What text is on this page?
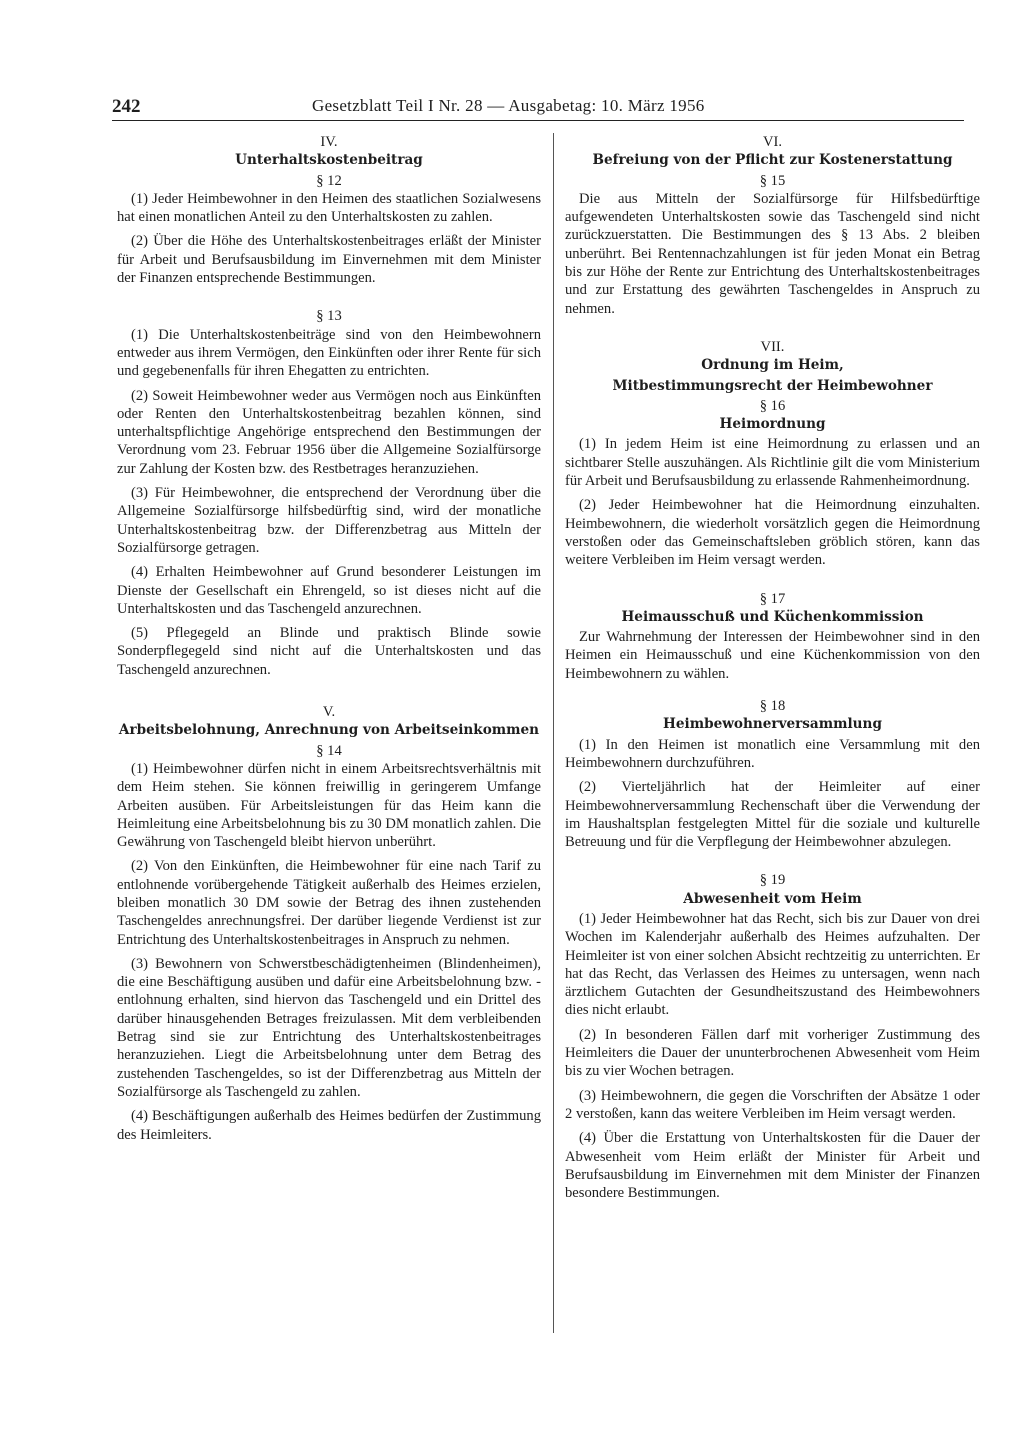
242	Gesetzblatt Teil I Nr. 28 — Ausgabetag: 10. März 1956
IV.
Unterhaltskostenbeitrag
§ 12

(1) Jeder Heimbewohner in den Heimen des staatlichen Sozialwesens hat einen monatlichen Anteil zu den Unterhaltskosten zu zahlen.

(2) Über die Höhe des Unterhaltskostenbeitrages erläßt der Minister für Arbeit und Berufsausbildung im Einvernehmen mit dem Minister der Finanzen entsprechende Bestimmungen.

§ 13

(1) Die Unterhaltskostenbeiträge sind von den Heimbewohnern entweder aus ihrem Vermögen, den Einkünften oder ihrer Rente für sich und gegebenenfalls für ihren Ehegatten zu entrichten.

(2) Soweit Heimbewohner weder aus Vermögen noch aus Einkünften oder Renten den Unterhaltskostenbeitrag bezahlen können, sind unterhaltspflichtige Angehörige entsprechend den Bestimmungen der Verordnung vom 23. Februar 1956 über die Allgemeine Sozialfürsorge zur Zahlung der Kosten bzw. des Restbetrages heranzuziehen.

(3) Für Heimbewohner, die entsprechend der Verordnung über die Allgemeine Sozialfürsorge hilfsbedürftig sind, wird der monatliche Unterhaltskostenbeitrag bzw. der Differenzbetrag aus Mitteln der Sozialfürsorge getragen.

(4) Erhalten Heimbewohner auf Grund besonderer Leistungen im Dienste der Gesellschaft ein Ehrengeld, so ist dieses nicht auf die Unterhaltskosten und das Taschengeld anzurechnen.

(5) Pflegegeld an Blinde und praktisch Blinde sowie Sonderpflegegeld sind nicht auf die Unterhaltskosten und das Taschengeld anzurechnen.

V.
Arbeitsbelohnung, Anrechnung von Arbeitseinkommen
§ 14

(1) Heimbewohner dürfen nicht in einem Arbeitsrechtsverhältnis mit dem Heim stehen. Sie können freiwillig in geringerem Umfange Arbeiten ausüben. Für Arbeitsleistungen für das Heim kann die Heimleitung eine Arbeitsbelohnung bis zu 30 DM monatlich zahlen. Die Gewährung von Taschengeld bleibt hiervon unberührt.

(2) Von den Einkünften, die Heimbewohner für eine nach Tarif zu entlohnende vorübergehende Tätigkeit außerhalb des Heimes erzielen, bleiben monatlich 30 DM sowie der Betrag des ihnen zustehenden Taschengeldes anrechnungsfrei. Der darüber liegende Verdienst ist zur Entrichtung des Unterhaltskostenbeitrages in Anspruch zu nehmen.

(3) Bewohnern von Schwerstbeschädigtenheimen (Blindenheimen), die eine Beschäftigung ausüben und dafür eine Arbeitsbelohnung bzw. -entlohnung erhalten, sind hiervon das Taschengeld und ein Drittel des darüber hinausgehenden Betrages freizulassen. Mit dem verbleibenden Betrag sind sie zur Entrichtung des Unterhaltskostenbeitrages heranzuziehen. Liegt die Arbeitsbelohnung unter dem Betrag des zustehenden Taschengeldes, so ist der Differenzbetrag aus Mitteln der Sozialfürsorge als Taschengeld zu zahlen.

(4) Beschäftigungen außerhalb des Heimes bedürfen der Zustimmung des Heimleiters.

VI.
Befreiung von der Pflicht zur Kostenerstattung
§ 15

Die aus Mitteln der Sozialfürsorge für Hilfsbedürftige aufgewendeten Unterhaltskosten sowie das Taschengeld sind nicht zurückzuerstatten. Die Bestimmungen des § 13 Abs. 2 bleiben unberührt. Bei Rentennachzahlungen ist für jeden Monat ein Betrag bis zur Höhe der Rente zur Entrichtung des Unterhaltskostenbeitrages und zur Erstattung des gewährten Taschengeldes in Anspruch zu nehmen.

VII.
Ordnung im Heim,
Mitbestimmungsrecht der Heimbewohner
§ 16
Heimordnung

(1) In jedem Heim ist eine Heimordnung zu erlassen und an sichtbarer Stelle auszuhängen. Als Richtlinie gilt die vom Ministerium für Arbeit und Berufsausbildung zu erlassende Rahmenheimordnung.

(2) Jeder Heimbewohner hat die Heimordnung einzuhalten. Heimbewohnern, die wiederholt vorsätzlich gegen die Heimordnung verstoßen oder das Gemeinschaftsleben gröblich stören, kann das weitere Verbleiben im Heim versagt werden.

§ 17
Heimausschuß und Küchenkommission

Zur Wahrnehmung der Interessen der Heimbewohner sind in den Heimen ein Heimausschuß und eine Küchenkommission von den Heimbewohnern zu wählen.

§ 18
Heimbewohnerversammlung

(1) In den Heimen ist monatlich eine Versammlung mit den Heimbewohnern durchzuführen.

(2) Vierteljährlich hat der Heimleiter auf einer Heimbewohnerversammlung Rechenschaft über die Verwendung der im Haushaltsplan festgelegten Mittel für die soziale und kulturelle Betreuung und für die Verpflegung der Heimbewohner abzulegen.

§ 19
Abwesenheit vom Heim

(1) Jeder Heimbewohner hat das Recht, sich bis zur Dauer von drei Wochen im Kalenderjahr außerhalb des Heimes aufzuhalten. Der Heimleiter ist von einer solchen Absicht rechtzeitig zu unterrichten. Er hat das Recht, das Verlassen des Heimes zu untersagen, wenn nach ärztlichem Gutachten der Gesundheitszustand des Heimbewohners dies nicht erlaubt.

(2) In besonderen Fällen darf mit vorheriger Zustimmung des Heimleiters die Dauer der ununterbrochenen Abwesenheit vom Heim bis zu vier Wochen betragen.

(3) Heimbewohnern, die gegen die Vorschriften der Absätze 1 oder 2 verstoßen, kann das weitere Verbleiben im Heim versagt werden.

(4) Über die Erstattung von Unterhaltskosten für die Dauer der Abwesenheit vom Heim erläßt der Minister für Arbeit und Berufsausbildung im Einvernehmen mit dem Minister der Finanzen besondere Bestimmungen.
